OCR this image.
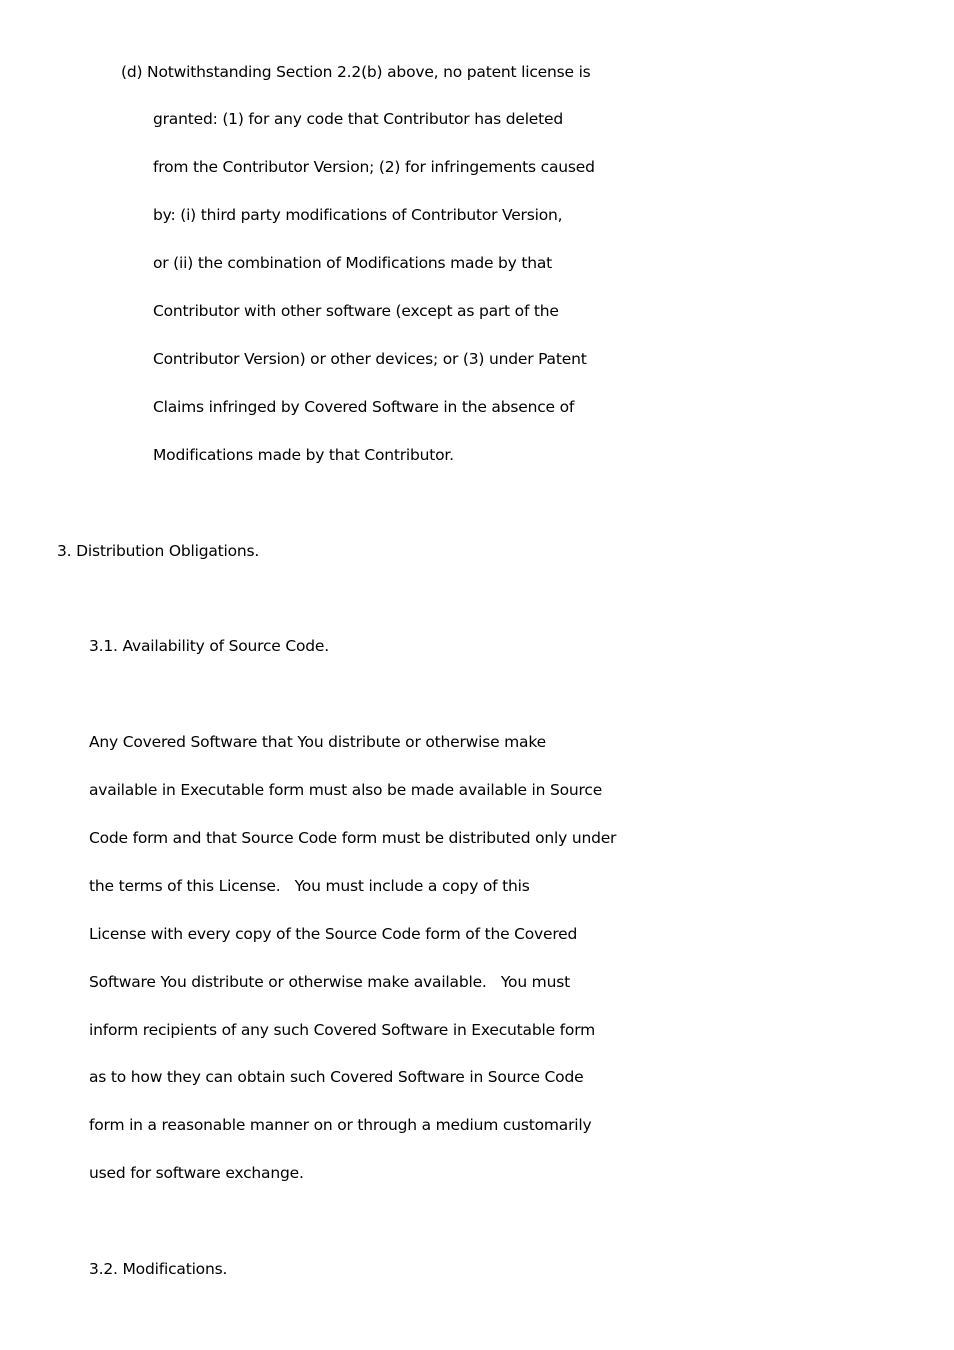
(d) Notwithstanding Section 2.2(b) above, no patent license is
granted: (1) for any code that Contributor has deleted
from the Contributor Version; (2) for infringements caused
by: (i) third party modifications of Contributor Version,
or (ii) the combination of Modifications made by that
Contributor with other software (except as part of the
Contributor Version) or other devices; or (3) under Patent
Claims infringed by Covered Software in the absence of
Modifications made by that Contributor.
3. Distribution Obligations.
3.1. Availability of Source Code.
Any Covered Software that You distribute or otherwise make
available in Executable form must also be made available in Source
Code form and that Source Code form must be distributed only under
the terms of this License.   You must include a copy of this
License with every copy of the Source Code form of the Covered
Software You distribute or otherwise make available.   You must
inform recipients of any such Covered Software in Executable form
as to how they can obtain such Covered Software in Source Code
form in a reasonable manner on or through a medium customarily
used for software exchange.
3.2. Modifications.
